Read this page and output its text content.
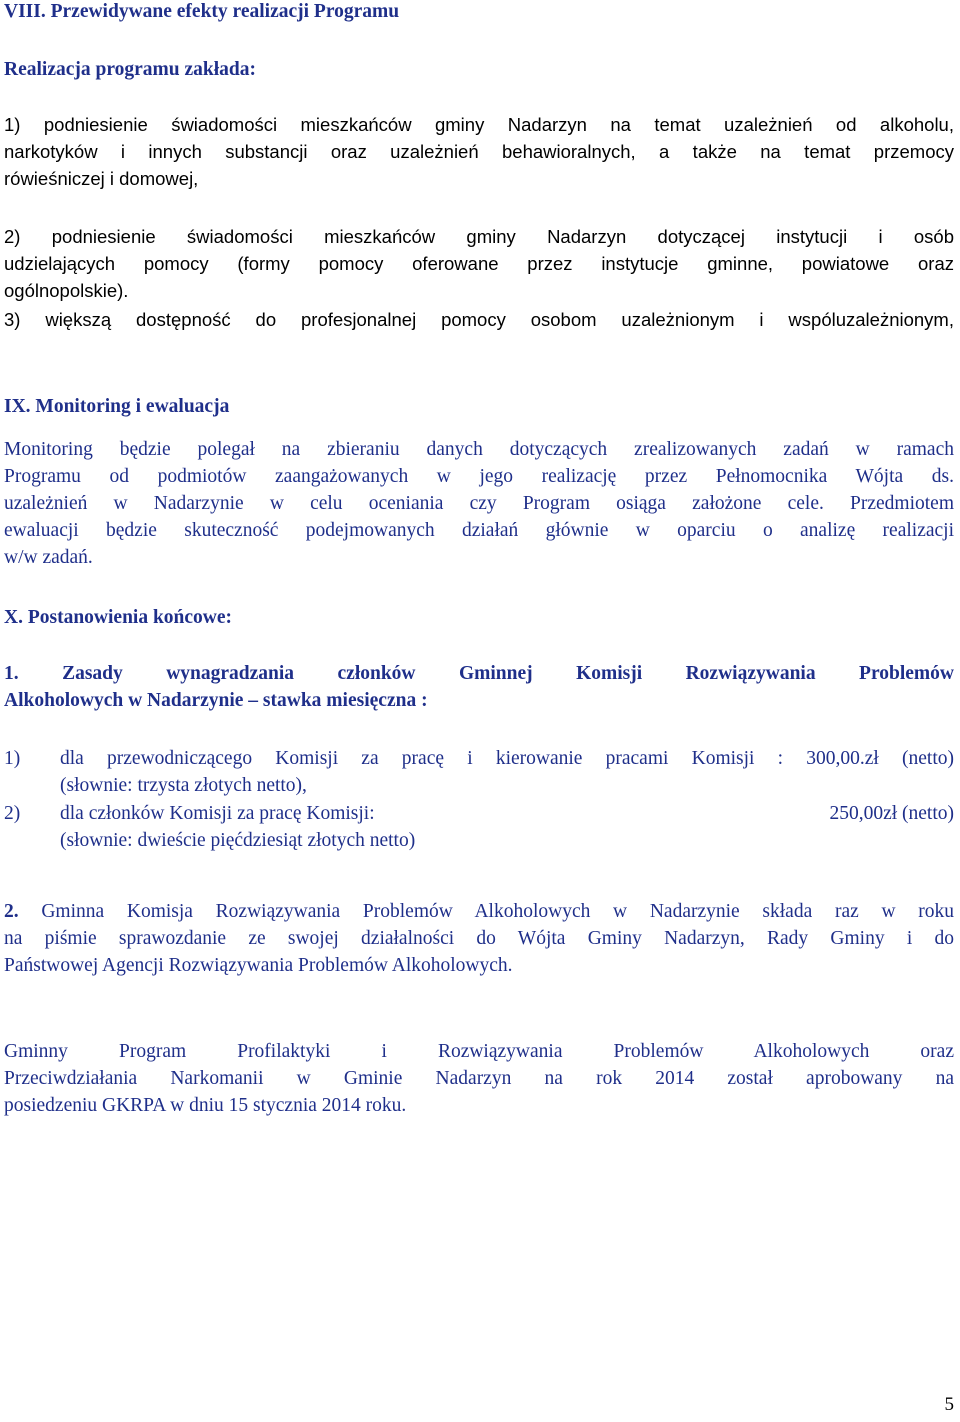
VIII. Przewidywane efekty realizacji Programu
Realizacja programu zakłada:
1) podniesienie świadomości mieszkańców gminy Nadarzyn na temat uzależnień od alkoholu,
narkotyków i innych substancji oraz uzależnień behawioralnych, a także na temat przemocy
rówieśniczej i domowej,
2) podniesienie świadomości mieszkańców gminy Nadarzyn dotyczącej instytucji i osób
udzielających pomocy (formy pomocy oferowane przez instytucje gminne, powiatowe oraz
ogólnopolskie).
3) większą dostępność do profesjonalnej pomocy osobom uzależnionym i wspóluzależnionym,
IX. Monitoring i ewaluacja
Monitoring będzie polegał na zbieraniu danych dotyczących zrealizowanych zadań w ramach
Programu od podmiotów zaangażowanych w jego realizację przez Pełnomocnika Wójta ds.
uzależnień w Nadarzynie w celu oceniania czy Program osiąga założone cele. Przedmiotem
ewaluacji będzie skuteczność podejmowanych działań głównie w oparciu o analizę realizacji
w/w zadań.
X. Postanowienia końcowe:
1. Zasady wynagradzania członków Gminnej Komisji Rozwiązywania Problemów
Alkoholowych w Nadarzynie – stawka miesięczna :
1) dla przewodniczącego Komisji za pracę i kierowanie pracami Komisji : 300,00.zł (netto)
(słownie: trzysta złotych netto),
2) dla członków Komisji za pracę Komisji:	250,00zł (netto)
(słownie: dwieście pięćdziesiąt złotych netto)
2. Gminna Komisja Rozwiązywania Problemów Alkoholowych w Nadarzynie składa raz w roku
na piśmie sprawozdanie ze swojej działalności do Wójta Gminy Nadarzyn, Rady Gminy i do
Państwowej Agencji Rozwiązywania Problemów Alkoholowych.
Gminny Program Profilaktyki i Rozwiązywania Problemów Alkoholowych oraz
Przeciwdziałania Narkomanii w Gminie Nadarzyn na rok 2014 został aprobowany na
posiedzeniu GKRPA w dniu 15 stycznia 2014 roku.
5
